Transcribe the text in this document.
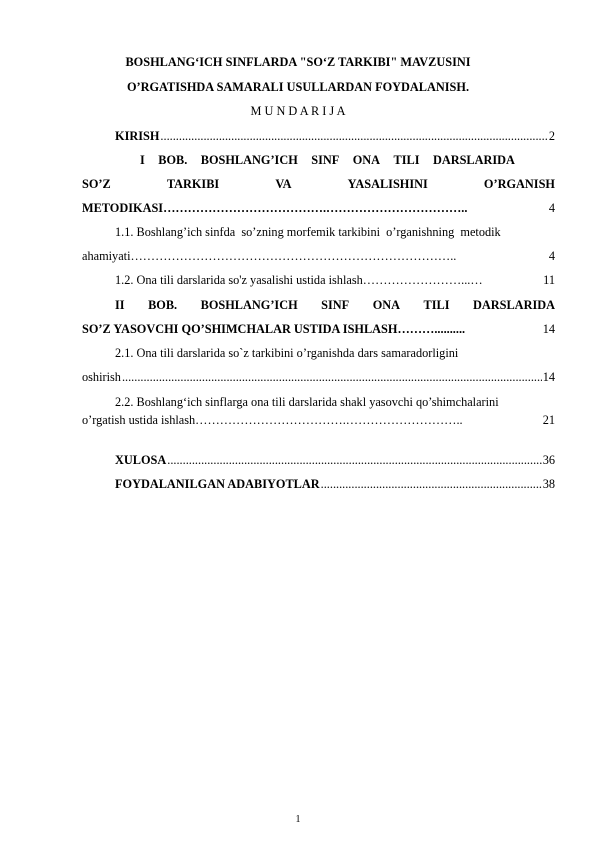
BOSHLANG‘ICH SINFLARDA "SO‘Z TARKIBI" MAVZUSINI
O’RGATISHDA SAMARALI USULLARDAN FOYDALANISH.
M U N D A R I J A
KIRISH .....	2
I BOB. BOSHLANG’ICH SINF ONA TILI DARSLARIDA
SO’Z	TARKIBI	VA	YASALISHINI	O’RGANISH
METODIKASI………………………………….……………………………..	4
1.1. Boshlang’ich sinfda  so’zning morfemik tarkibini  o’rganishning  metodik
ahamiyati……………………………………………………………………..	4
1.2. Ona tili darslarida so'z yasalishi ustida ishlash……………………...…	11
II BOB. BOSHLANG’ICH SINF ONA TILI DARSLARIDA
SO’Z YASOVCHI QO’SHIMCHALAR USTIDA ISHLASH………..........	14
2.1. Ona tili darslarida so`z tarkibini o’rganishda dars samaradorligini
oshirish .....	14
2.2. Boshlang‘ich sinflarga ona tili darslarida shakl yasovchi qo’shimchalarini
o’rgatish ustida ishlash……………………………….………………………..	21
XULOSA .....	36
FOYDALANILGAN ADABIYOTLAR .....	38
1
